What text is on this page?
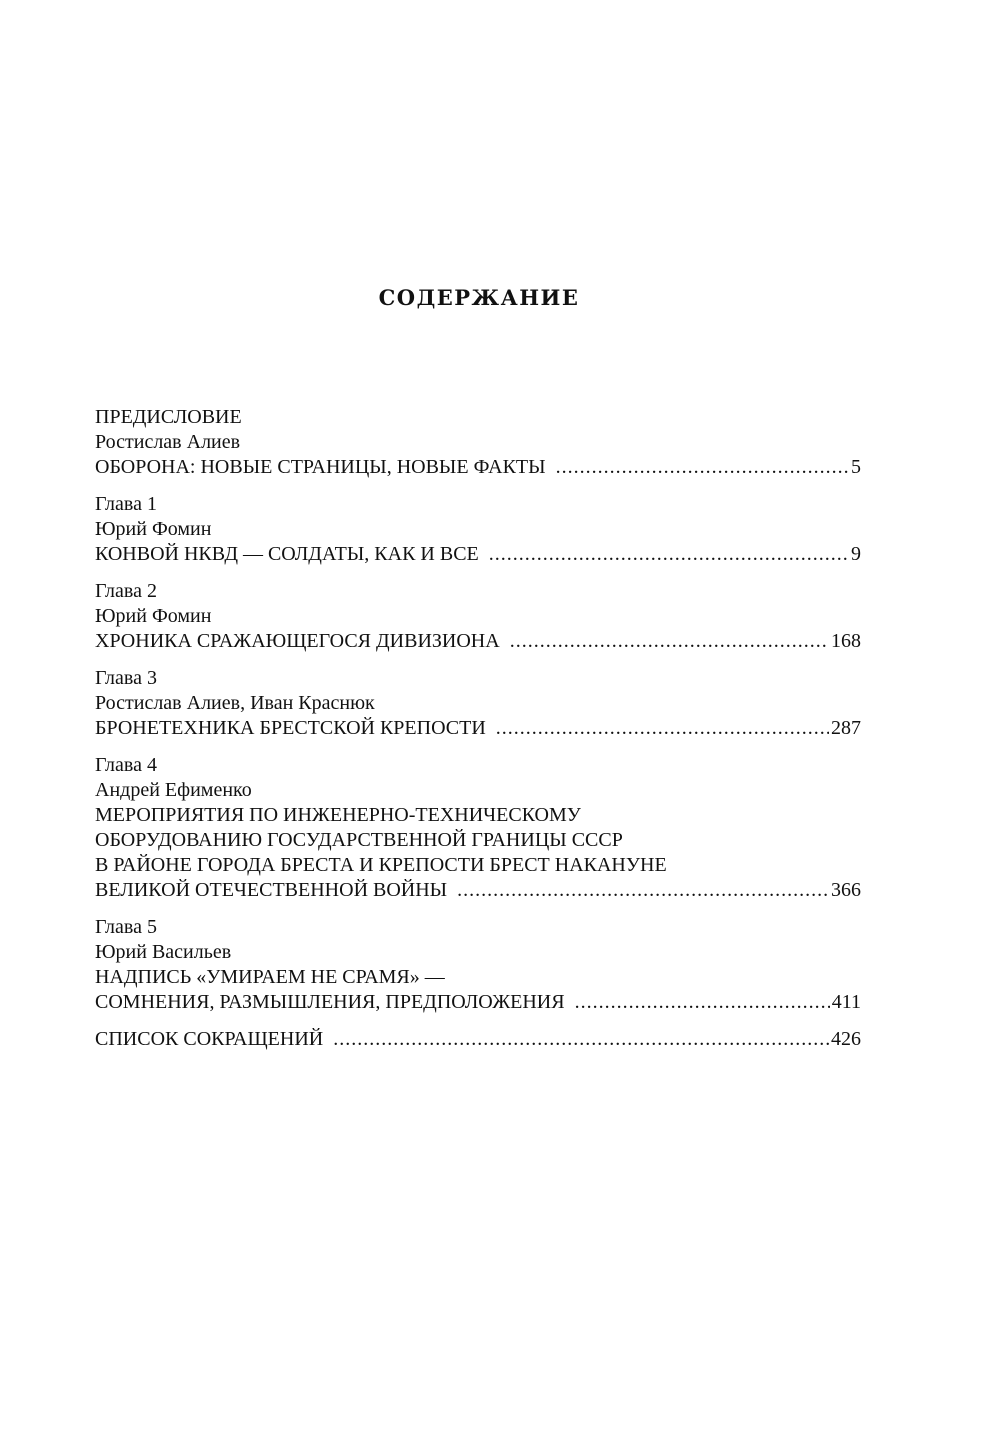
СОДЕРЖАНИЕ
ПРЕДИСЛОВИЕ
Ростислав Алиев
ОБОРОНА: НОВЫЕ СТРАНИЦЫ, НОВЫЕ ФАКТЫ .....	5
Глава 1
Юрий Фомин
КОНВОЙ НКВД — СОЛДАТЫ, КАК И ВСЕ .....	9
Глава 2
Юрий Фомин
ХРОНИКА СРАЖАЮЩЕГОСЯ ДИВИЗИОНА .....	168
Глава 3
Ростислав Алиев, Иван Краснюк
БРОНЕТЕХНИКА БРЕСТСКОЙ КРЕПОСТИ .....	287
Глава 4
Андрей Ефименко
МЕРОПРИЯТИЯ ПО ИНЖЕНЕРНО-ТЕХНИЧЕСКОМУ
ОБОРУДОВАНИЮ ГОСУДАРСТВЕННОЙ ГРАНИЦЫ СССР
В РАЙОНЕ ГОРОДА БРЕСТА И КРЕПОСТИ БРЕСТ НАКАНУНЕ
ВЕЛИКОЙ ОТЕЧЕСТВЕННОЙ ВОЙНЫ .....	366
Глава 5
Юрий Васильев
НАДПИСЬ «УМИРАЕМ НЕ СРАМЯ» —
СОМНЕНИЯ, РАЗМЫШЛЕНИЯ, ПРЕДПОЛОЖЕНИЯ .....	411
СПИСОК СОКРАЩЕНИЙ .....	426
